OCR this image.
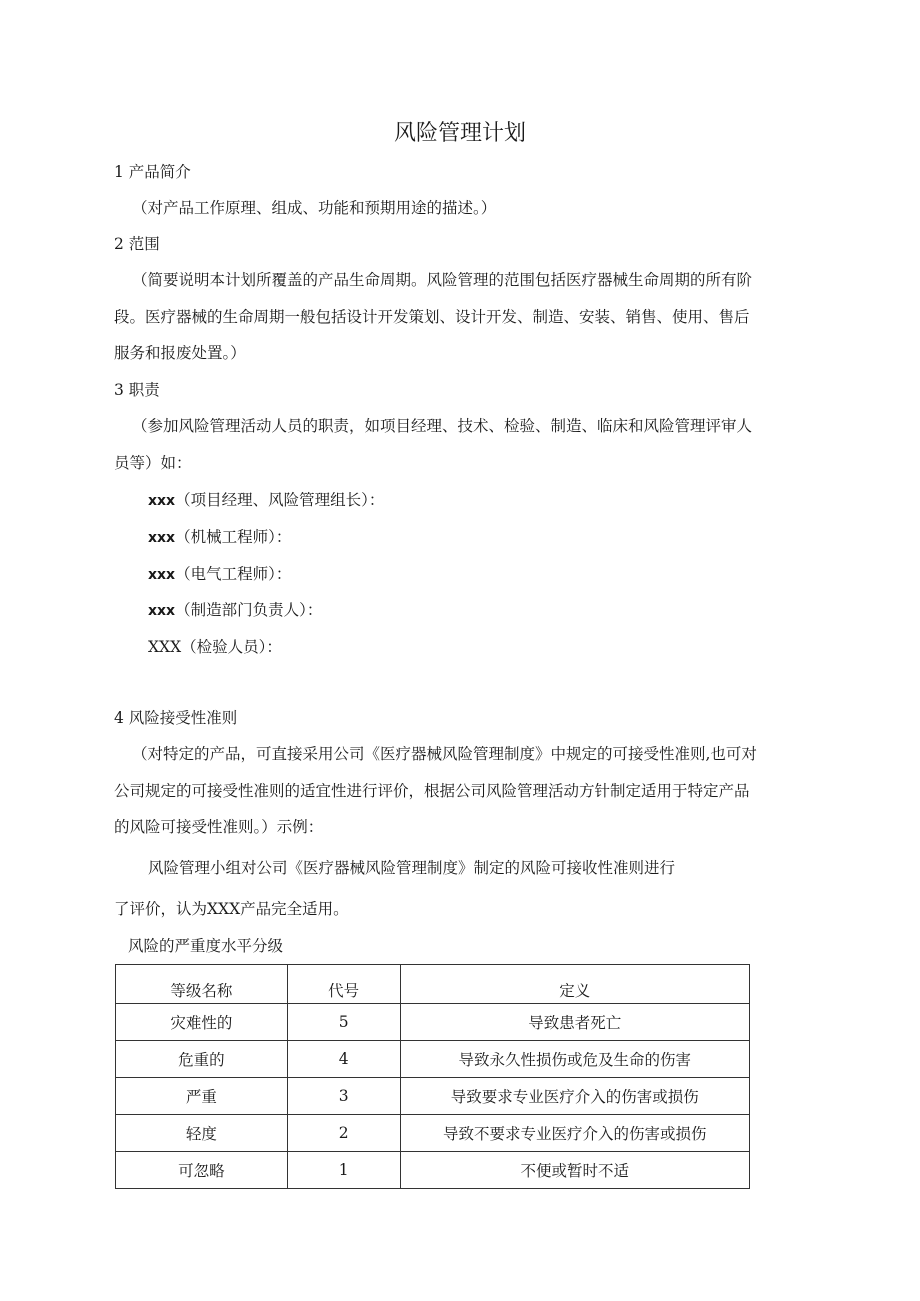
风险管理计划
1 产品简介
（对产品工作原理、组成、功能和预期用途的描述。）
2 范围
（简要说明本计划所覆盖的产品生命周期。风险管理的范围包括医疗器械生命周期的所有阶
段。医疗器械的生命周期一般包括设计开发策划、设计开发、制造、安装、销售、使用、售后
服务和报废处置。）
3 职责
（参加风险管理活动人员的职责，如项目经理、技术、检验、制造、临床和风险管理评审人
员等）如：
xxx（项目经理、风险管理组长）：
xxx（机械工程师）：
xxx（电气工程师）：
xxx（制造部门负责人）：
XXX（检验人员）：
4 风险接受性准则
（对特定的产品，可直接采用公司《医疗器械风险管理制度》中规定的可接受性准则,也可对
公司规定的可接受性准则的适宜性进行评价，根据公司风险管理活动方针制定适用于特定产品
的风险可接受性准则。）示例：
风险管理小组对公司《医疗器械风险管理制度》制定的风险可接收性准则进行
了评价，认为XXX产品完全适用。
风险的严重度水平分级
等级名称	代号	定义
灾难性的	5	导致患者死亡
危重的	4	导致永久性损伤或危及生命的伤害
严重	3	导致要求专业医疗介入的伤害或损伤
轻度	2	导致不要求专业医疗介入的伤害或损伤
可忽略	1	不便或暂时不适
